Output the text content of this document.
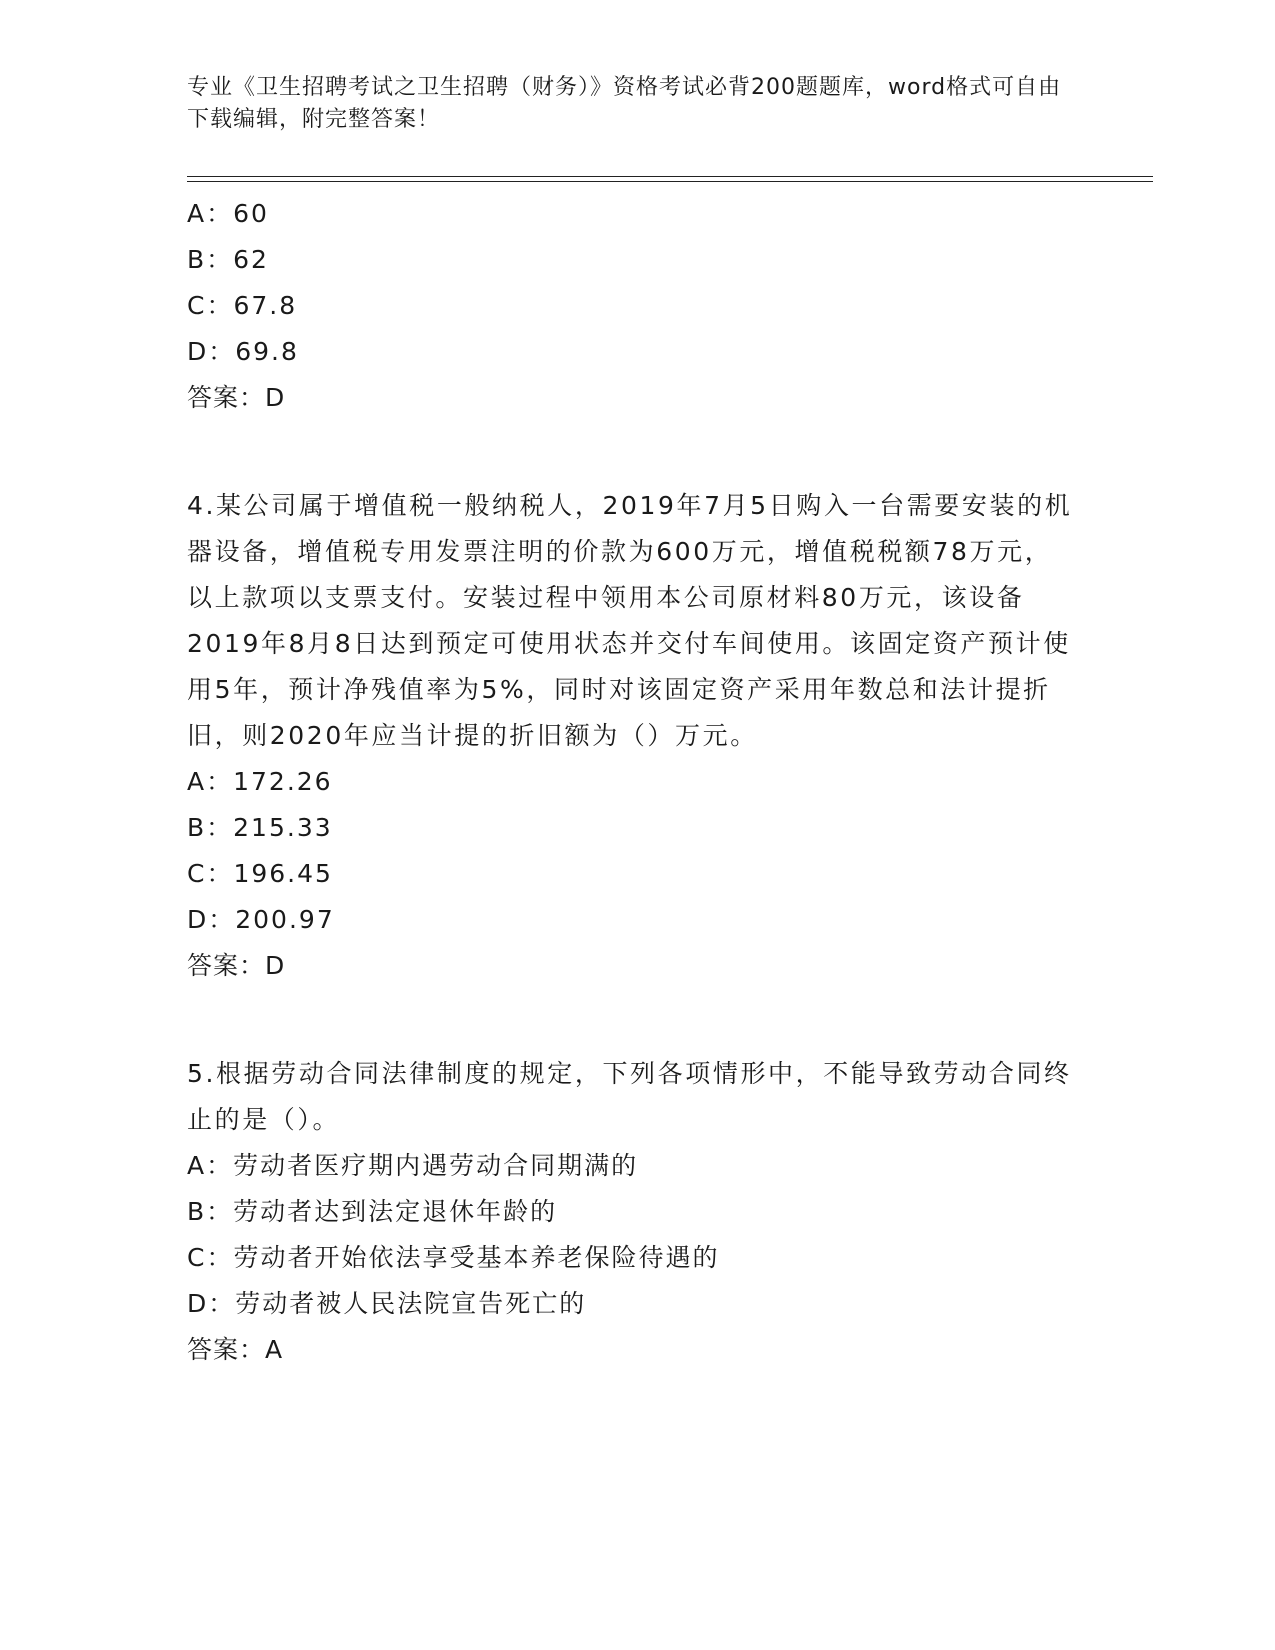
专业《卫生招聘考试之卫生招聘（财务）》资格考试必背200题题库，word格式可自由下载编辑，附完整答案！
A：60
B：62
C：67.8
D：69.8
答案：D
4.某公司属于增值税一般纳税人，2019年7月5日购入一台需要安装的机器设备，增值税专用发票注明的价款为600万元，增值税税额78万元，以上款项以支票支付。安装过程中领用本公司原材料80万元，该设备2019年8月8日达到预定可使用状态并交付车间使用。该固定资产预计使用5年，预计净残值率为5%，同时对该固定资产采用年数总和法计提折旧，则2020年应当计提的折旧额为（）万元。
A：172.26
B：215.33
C：196.45
D：200.97
答案：D
5.根据劳动合同法律制度的规定，下列各项情形中，不能导致劳动合同终止的是（）。
A：劳动者医疗期内遇劳动合同期满的
B：劳动者达到法定退休年龄的
C：劳动者开始依法享受基本养老保险待遇的
D：劳动者被人民法院宣告死亡的
答案：A
